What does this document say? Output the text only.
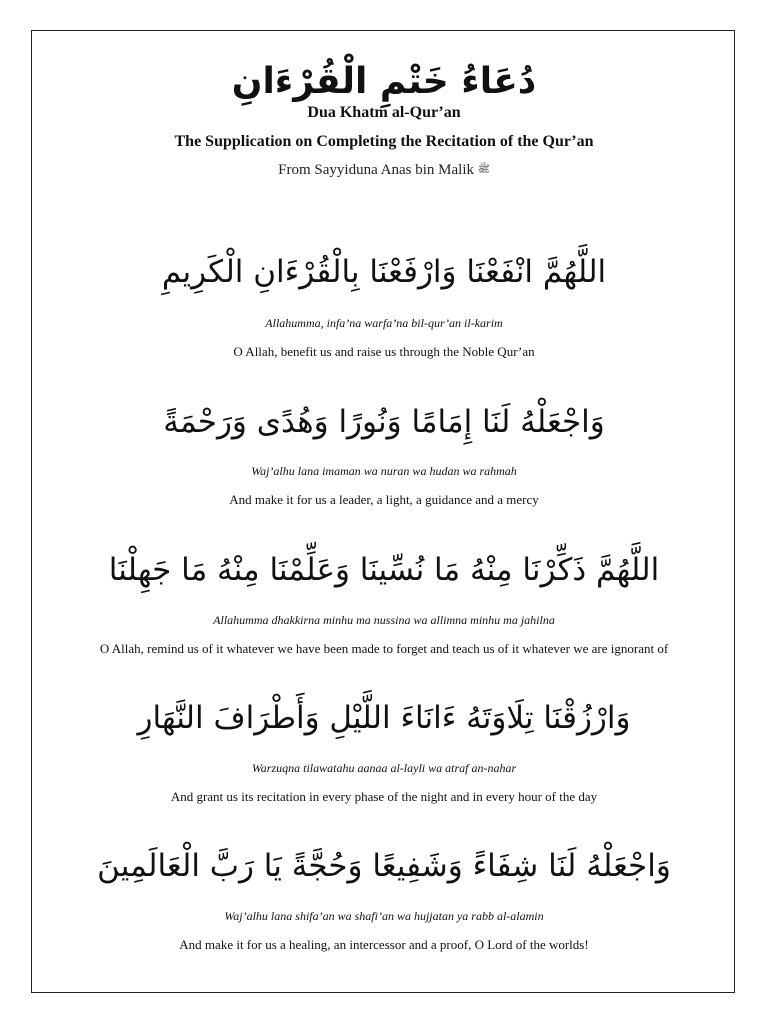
دُعَاءُ خَتْمِ الْقُرْءَانِ
Dua Khatm al-Qur’an
The Supplication on Completing the Recitation of the Qur’an
From Sayyiduna Anas bin Malik ﷺ
اللَّهُمَّ انْفَعْنَا وَارْفَعْنَا بِالْقُرْءَانِ الْكَرِيمِ
Allahumma, infa’na warfa’na bil-qur’an il-karim
O Allah, benefit us and raise us through the Noble Qur’an
وَاجْعَلْهُ لَنَا إِمَامًا وَنُورًا وَهُدًى وَرَحْمَةً
Waj’alhu lana imaman wa nuran wa hudan wa rahmah
And make it for us a leader, a light, a guidance and a mercy
اللَّهُمَّ ذَكِّرْنَا مِنْهُ مَا نُسِّينَا وَعَلِّمْنَا مِنْهُ مَا جَهِلْنَا
Allahumma dhakkirna minhu ma nussina wa allimna minhu ma jahilna
O Allah, remind us of it whatever we have been made to forget and teach us of it whatever we are ignorant of
وَارْزُقْنَا تِلَاوَتَهُ ءَانَاءَ اللَّيْلِ وَأَطْرَافَ النَّهَارِ
Warzuqna tilawatahu aanaa al-layli wa atraf an-nahar
And grant us its recitation in every phase of the night and in every hour of the day
وَاجْعَلْهُ لَنَا شِفَاءً وَشَفِيعًا وَحُجَّةً يَا رَبَّ الْعَالَمِينَ
Waj’alhu lana shifa’an wa shafi’an wa hujjatan ya rabb al-alamin
And make it for us a healing, an intercessor and a proof, O Lord of the worlds!
